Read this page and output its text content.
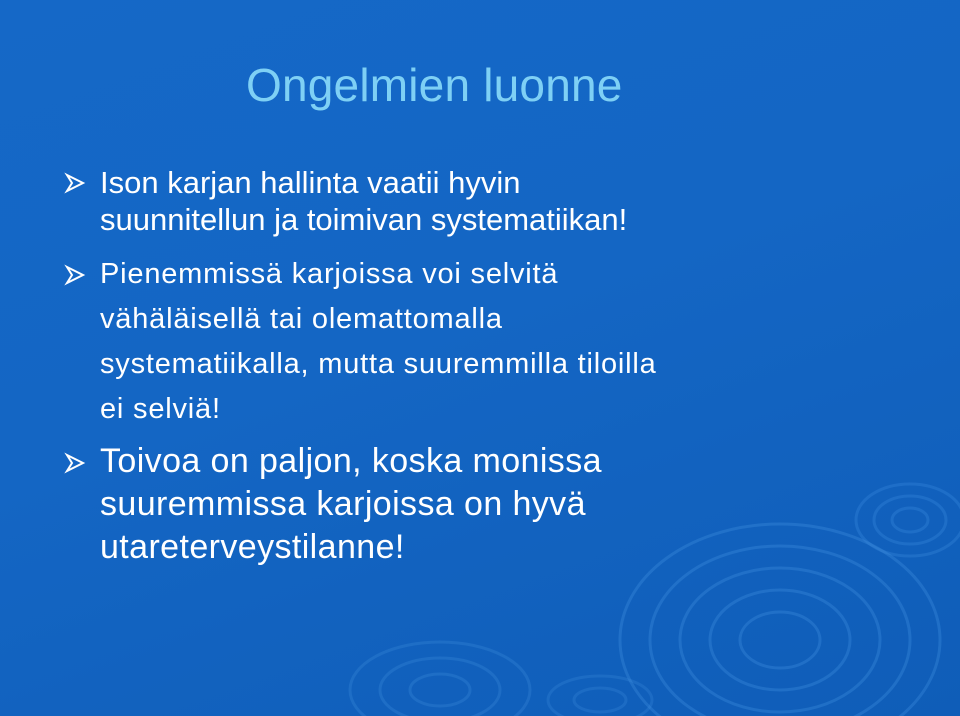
Ongelmien luonne
Ison karjan hallinta vaatii hyvin
suunnitellun ja toimivan systematiikan!
Pienemmissä karjoissa voi selvitä
vähäläisellä tai olemattomalla
systematiikalla, mutta suuremmilla tiloilla
ei selviä!
Toivoa on paljon, koska monissa
suuremmissa karjoissa on hyvä
utareterveystilanne!
